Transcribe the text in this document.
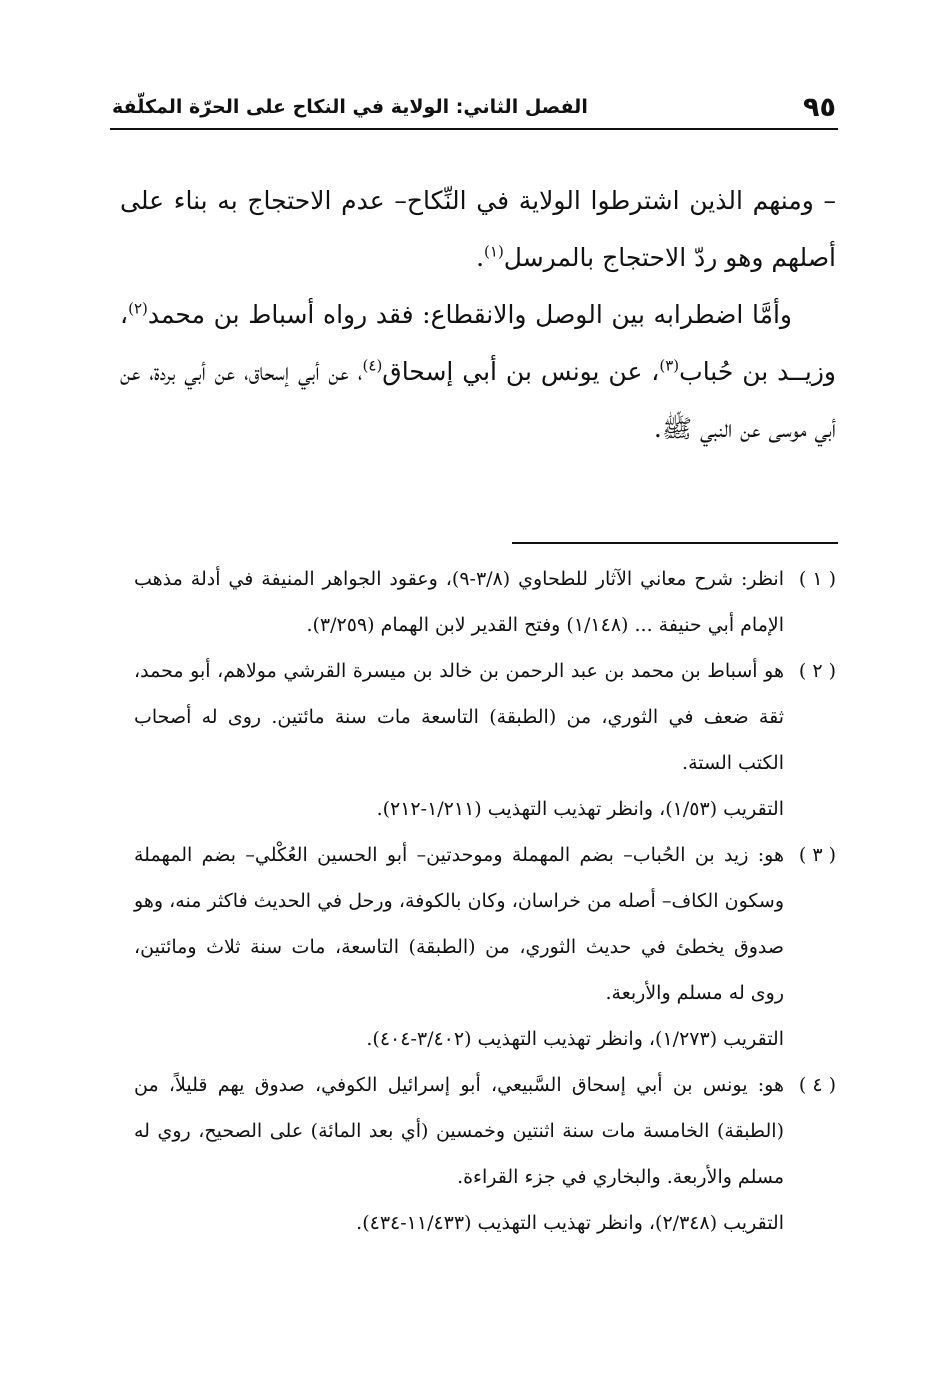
٩٥
الفصل الثاني: الولاية في النكاح على الحرّة المكلّفة

– ومنهم الذين اشترطوا الولاية في النِّكاح– عدم الاحتجاج به بناء على أصلهم وهو ردّ الاحتجاج بالمرسل$^{(١)}$.

وأمَّا اضطرابه بين الوصل والانقطاع: فقد رواه أسباط بن محمد$^{(٢)}$، وزيــد بن حُباب$^{(٣)}$، عن يونس بن أبي إسحاق$^{(٤)}$، عن أبي إسحاق، عن أبي بردة، عن أبي موسى عن النبي ﷺ.

( ١ )
انظر: شرح معاني الآثار للطحاوي (٣/٨-٩)، وعقود الجواهر المنيفة في أدلة مذهب الإمام أبي حنيفة ... (١/١٤٨) وفتح القدير لابن الهمام (٣/٢٥٩).
( ٢ )
هو أسباط بن محمد بن عبد الرحمن بن خالد بن ميسرة القرشي مولاهم، أبو محمد، ثقة ضعف في الثوري، من (الطبقة) التاسعة مات سنة مائتين. روى له أصحاب الكتب الستة.
التقريب (١/٥٣)، وانظر تهذيب التهذيب (١/٢١١-٢١٢).
( ٣ )
هو: زيد بن الحُباب– بضم المهملة وموحدتين– أبو الحسين العُكْلي– بضم المهملة وسكون الكاف– أصله من خراسان، وكان بالكوفة، ورحل في الحديث فاكثر منه، وهو صدوق يخطئ في حديث الثوري، من (الطبقة) التاسعة، مات سنة ثلاث ومائتين، روى له مسلم والأربعة.
التقريب (١/٢٧٣)، وانظر تهذيب التهذيب (٣/٤٠٢-٤٠٤).
( ٤ )
هو: يونس بن أبي إسحاق السَّبيعي، أبو إسرائيل الكوفي، صدوق يهم قليلاً، من (الطبقة) الخامسة مات سنة اثنتين وخمسين (أي بعد المائة) على الصحيح، روي له مسلم والأربعة. والبخاري في جزء القراءة.
التقريب (٢/٣٤٨)، وانظر تهذيب التهذيب (١١/٤٣٣-٤٣٤).
